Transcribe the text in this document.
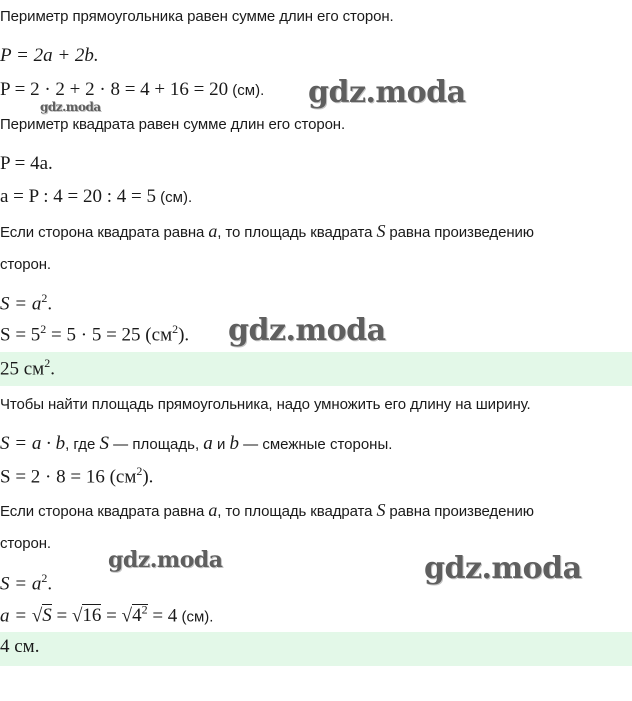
Периметр прямоугольника равен сумме длин его сторон.
P = 2a + 2b.
P = 2 · 2 + 2 · 8 = 4 + 16 = 20 (см).
gdz.moda	gdz.moda
Периметр квадрата равен сумме длин его сторон.
P = 4a.
a = P : 4 = 20 : 4 = 5 (см).
Если сторона квадрата равна a, то площадь квадрата S равна произведению
сторон.
$S = a^2$.
$S = 5^2 = 5 \cdot 5 = 25$ $(см^2)$. gdz.moda
25 $см^2$.
Чтобы найти площадь прямоугольника, надо умножить его длину на ширину.
S = a · b, где S — площадь, a и b — смежные стороны.
S = 2 · 8 = 16 $(см^2)$.
Если сторона квадрата равна a, то площадь квадрата S равна произведению
сторон.
gdz.moda	gdz.moda
$S = a^2$.
$a = √S = √16 = √4^2 = 4$ (см).
4 см.
